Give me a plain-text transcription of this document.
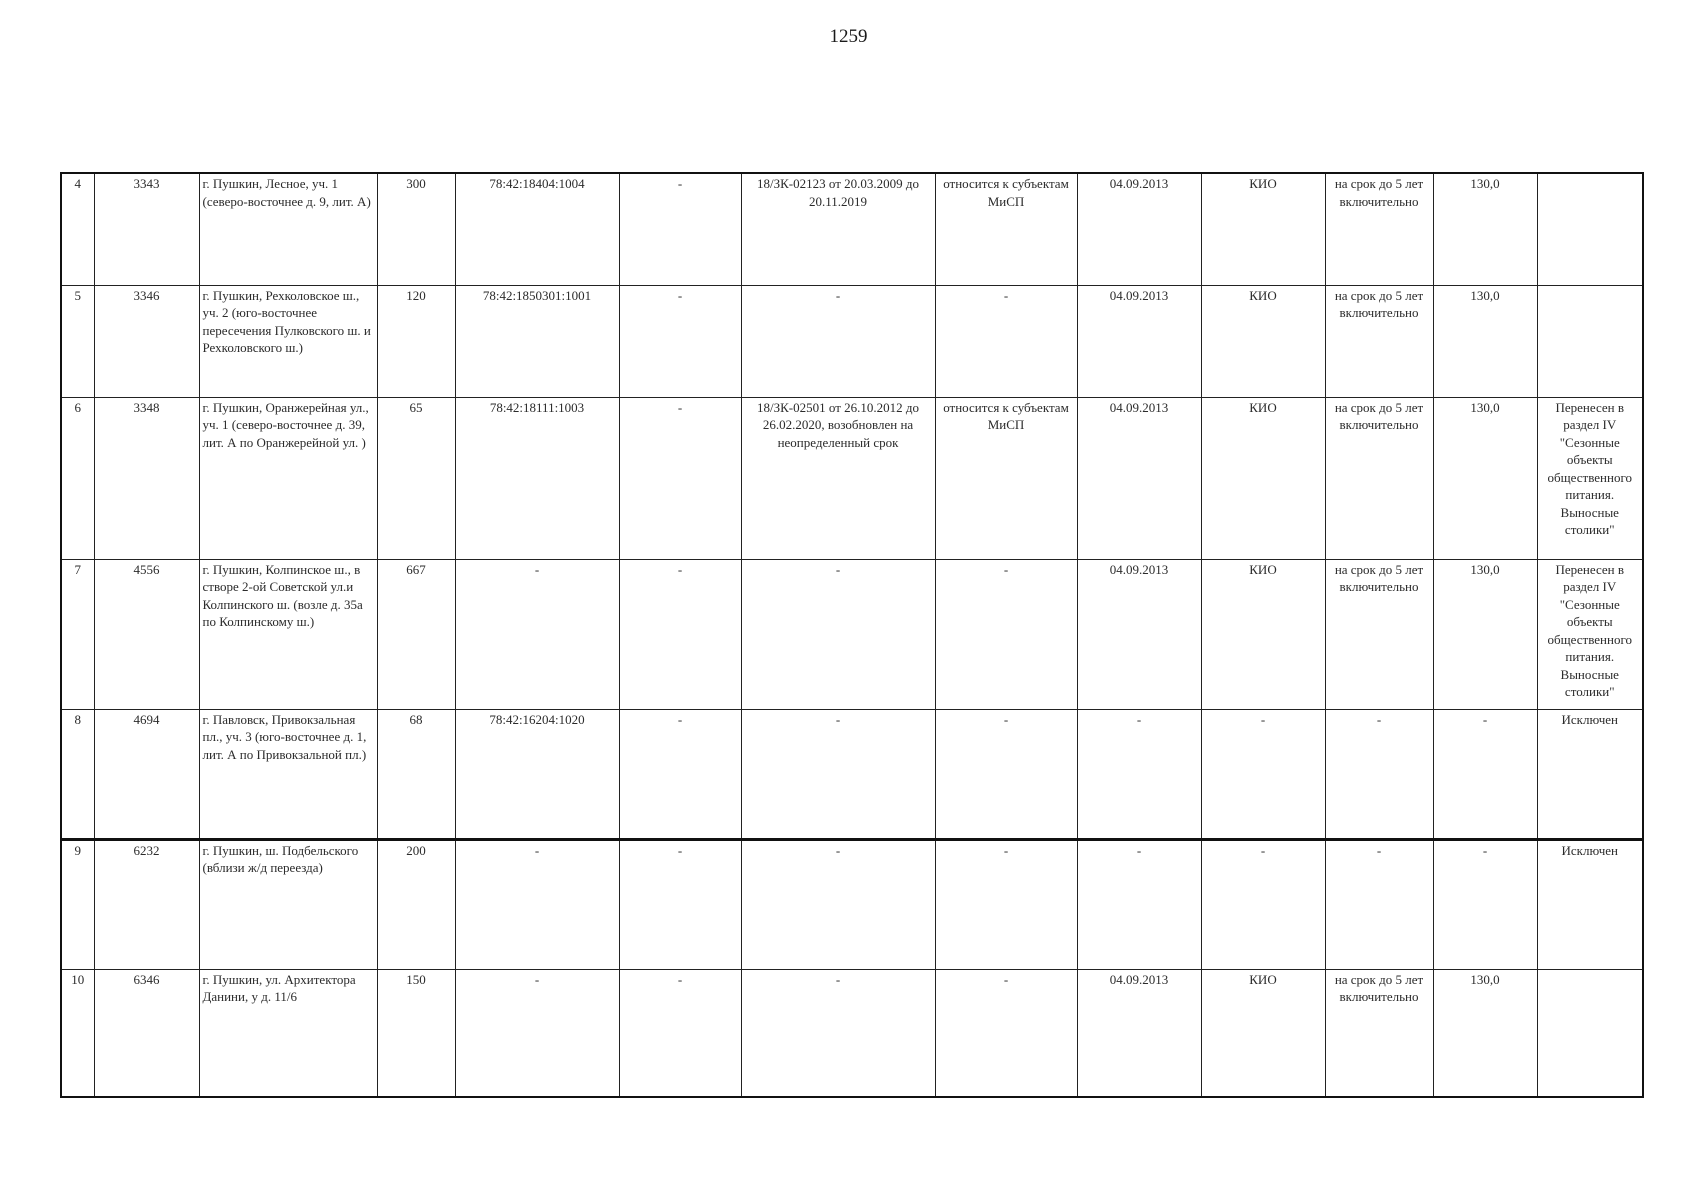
1259
4	3343	г. Пушкин, Лесное, уч. 1 (северо-восточнее д. 9, лит. А)	300	78:42:18404:1004	-	18/ЗК-02123 от 20.03.2009 до 20.11.2019	относится к субъектам МиСП	04.09.2013	КИО	на срок до 5 лет включительно	130,0	
5	3346	г. Пушкин, Рехколовское ш., уч. 2 (юго-восточнее пересечения Пулковского ш. и Рехколовского ш.)	120	78:42:1850301:1001	-	-	-	04.09.2013	КИО	на срок до 5 лет включительно	130,0	
6	3348	г. Пушкин, Оранжерейная ул., уч. 1 (северо-восточнее д. 39, лит. А по Оранжерейной ул. )	65	78:42:18111:1003	-	18/ЗК-02501 от 26.10.2012 до 26.02.2020, возобновлен на неопределенный срок	относится к субъектам МиСП	04.09.2013	КИО	на срок до 5 лет включительно	130,0	Перенесен в раздел IV "Сезонные объекты общественного питания. Выносные столики"
7	4556	г. Пушкин, Колпинское ш., в створе 2-ой Советской ул.и Колпинского ш. (возле д. 35а по Колпинскому ш.)	667	-	-	-	-	04.09.2013	КИО	на срок до 5 лет включительно	130,0	Перенесен в раздел IV "Сезонные объекты общественного питания. Выносные столики"
8	4694	г. Павловск, Привокзальная пл., уч. 3 (юго-восточнее д. 1, лит. А по Привокзальной пл.)	68	78:42:16204:1020	-	-	-	-	-	-	-	Исключен
9	6232	г. Пушкин, ш. Подбельского (вблизи ж/д переезда)	200	-	-	-	-	-	-	-	-	Исключен
10	6346	г. Пушкин, ул. Архитектора Данини, у д. 11/6	150	-	-	-	-	04.09.2013	КИО	на срок до 5 лет включительно	130,0	
